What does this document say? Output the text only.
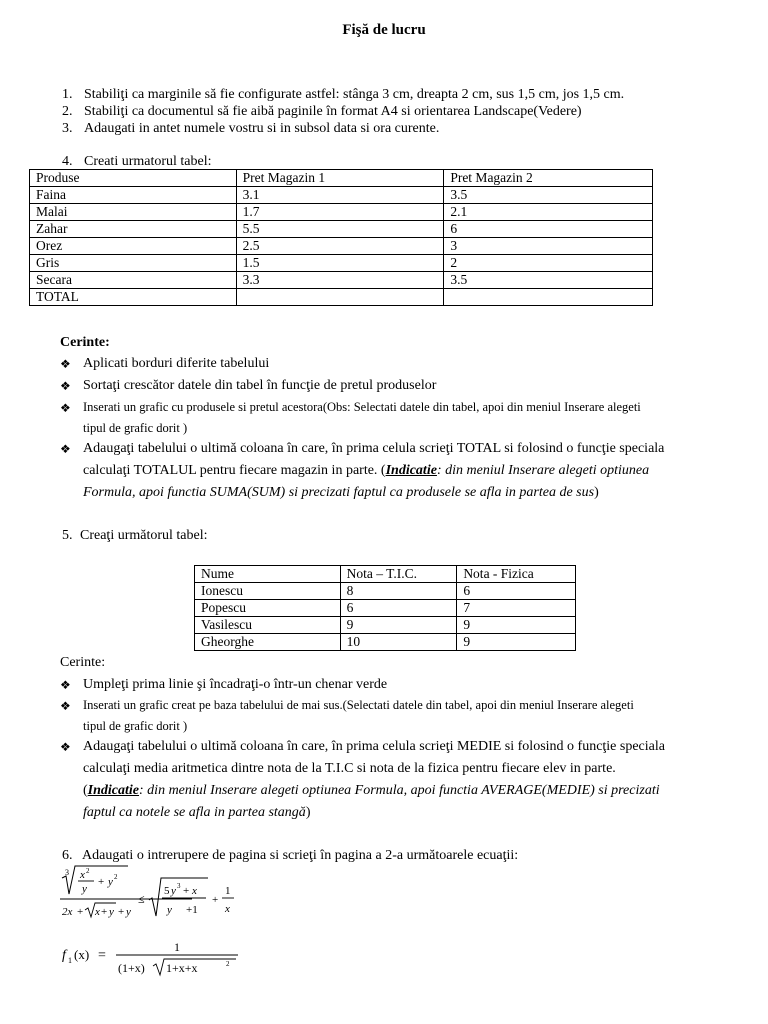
Fişă de lucru
1. Stabiliţi ca marginile să fie configurate astfel: stânga 3 cm, dreapta 2 cm, sus 1,5 cm, jos 1,5 cm.
2. Stabiliţi ca documentul să fie aibă paginile în format A4 si orientarea Landscape(Vedere)
3. Adaugati in antet numele vostru si in subsol data si ora curente.
4. Creati urmatorul tabel:
Produse	Pret Magazin 1	Pret Magazin 2
Faina	3.1	3.5
Malai	1.7	2.1
Zahar	5.5	6
Orez	2.5	3
Gris	1.5	2
Secara	3.3	3.5
TOTAL		
Cerinte:
❖ Aplicati borduri diferite tabelului
❖ Sortaţi crescător datele din tabel în funcţie de pretul produselor
❖ Inserati un grafic cu produsele si pretul acestora(Obs: Selectati datele din tabel, apoi din meniul Inserare alegeti
tipul de grafic dorit )
❖ Adaugaţi tabelului o ultimă coloana în care, în prima celula scrieţi TOTAL si folosind o funcţie speciala
calculaţi TOTALUL pentru fiecare magazin in parte. (Indicatie: din meniul Inserare alegeti optiunea
Formula, apoi functia SUMA(SUM) si precizati faptul ca produsele se afla in partea de sus)
5. Creaţi următorul tabel:
Nume	Nota – T.I.C.	Nota - Fizica
Ionescu	8	6
Popescu	6	7
Vasilescu	9	9
Gheorghe	10	9
Cerinte:
❖ Umpleţi prima linie şi încadraţi-o într-un chenar verde
❖ Inserati un grafic creat pe baza tabelului de mai sus.(Selectati datele din tabel, apoi din meniul Inserare alegeti
tipul de grafic dorit )
❖ Adaugaţi tabelului o ultimă coloana în care, în prima celula scrieţi MEDIE si folosind o funcţie speciala
calculaţi media aritmetica dintre nota de la T.I.C si nota de la fizica pentru fiecare elev in parte.
(Indicatie: din meniul Inserare alegeti optiunea Formula, apoi functia AVERAGE(MEDIE) si precizati
faptul ca notele se afla in partea stangă)
6. Adaugati o intrerupere de pagina si scrieţi în pagina a 2-a următoarele ecuaţii:
3 x 2
y
+ y 2
2x + x + y + y
≤
5 y 3 + x
y +1
+
1
x
f 1 (x) =
1
(1+x) 1+x+x	2
